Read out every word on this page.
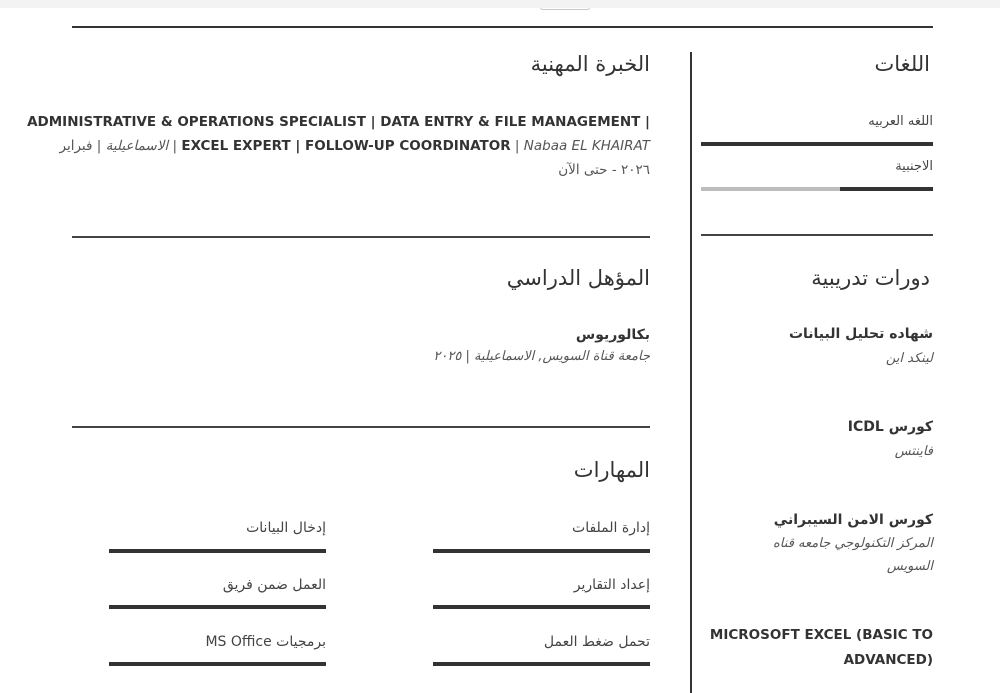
اللغات
اللغه العربيه
الاجنبية
دورات تدريبية
شهاده تحليل البيانات
لينكد اين
كورس ICDL
فاينتس
كورس الامن السيبراني
المركز التكنولوجي جامعه قناه
السويس
MICROSOFT EXCEL (BASIC TO
ADVANCED)
الخبرة المهنية
ADMINISTRATIVE & OPERATIONS SPECIALIST | DATA ENTRY & FILE MANAGEMENT |
EXCEL EXPERT | FOLLOW-UP COORDINATOR | Nabaa EL KHAIRAT | الاسماعيلية | فبراير
٢٠٢٦ - حتى الآن
المؤهل الدراسي
بكالوريوس
جامعة قناة السويس, الاسماعيلية | ٢٠٢٥
المهارات
إدارة الملفات
إدخال البيانات
إعداد التقارير
العمل ضمن فريق
تحمل ضغط العمل
برمجيات MS Office
